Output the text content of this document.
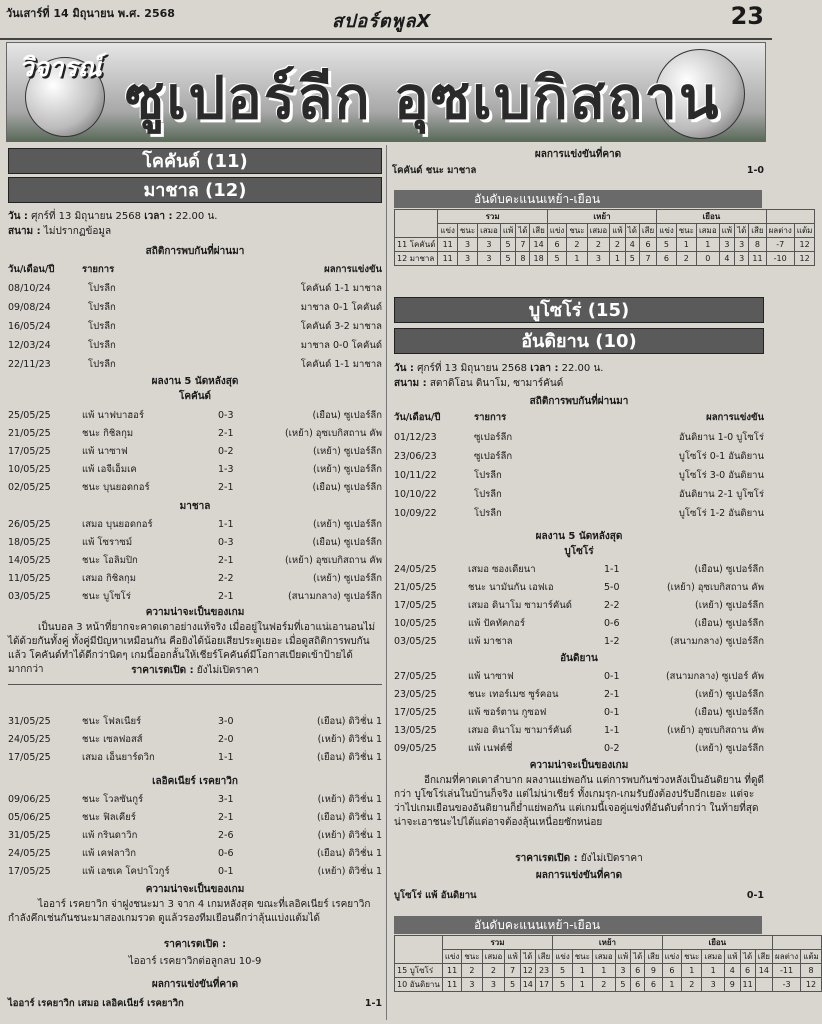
วันเสาร์ที่ 14 มิถุนายน พ.ศ. 2568	สปอร์ตพูลX	23
วิจารณ์ ซูเปอร์ลีก อุซเบกิสถาน
โคคันด์ (11)
มาชาล (12)
วัน : ศุกร์ที่ 13 มิถุนายน 2568 เวลา : 22.00 น.
สนาม : ไม่ปรากฏข้อมูล
สถิติการพบกันที่ผ่านมา
วัน/เดือน/ปี	รายการ	ผลการแข่งขัน
08/10/24	โปรลีก	โคคันด์ 1-1 มาชาล
09/08/24	โปรลีก	มาชาล 0-1 โคคันด์
16/05/24	โปรลีก	โคคันด์ 3-2 มาชาล
12/03/24	โปรลีก	มาชาล 0-0 โคคันด์
22/11/23	โปรลีก	โคคันด์ 1-1 มาชาล
ผลงาน 5 นัดหลังสุด
โคคันด์
25/05/25	แพ้ นาฟบาฮอร์	0-3	(เยือน) ซูเปอร์ลีก
21/05/25	ชนะ กิชิลกุม	2-1	(เหย้า) อุซเบกิสถาน คัพ
17/05/25	แพ้ นาซาฟ	0-2	(เหย้า) ซูเปอร์ลีก
10/05/25	แพ้ เอจีเอ็มเค	1-3	(เหย้า) ซูเปอร์ลีก
02/05/25	ชนะ บุนยอดกอร์	2-1	(เยือน) ซูเปอร์ลีก
มาชาล
26/05/25	เสมอ บุนยอดกอร์	1-1	(เหย้า) ซูเปอร์ลีก
18/05/25	แพ้ โซราซม์	0-3	(เยือน) ซูเปอร์ลีก
14/05/25	ชนะ โอลิมปิก	2-1	(เหย้า) อุซเบกิสถาน คัพ
11/05/25	เสมอ กิชิลกุม	2-2	(เหย้า) ซูเปอร์ลีก
03/05/25	ชนะ บูโซโร่	2-1	(สนามกลาง) ซูเปอร์ลีก
ความน่าจะเป็นของเกม
เป็นบอล 3 หน้าที่ยากจะคาดเดาอย่างแท้จริง เมื่ออยู่ในฟอร์มที่เอาแน่เอานอนไม่ได้ด้วยกันทั้งคู่ ทั้งคู่มีปัญหาเหมือนกัน คือยิงได้น้อยเสียประตูเยอะ เมื่อดูสถิติการพบกันแล้ว โคคันด์ทำได้ดีกว่านิดๆ เกมนี้ออกลั้นให้เชียร์โคคันด์มีโอกาสเบียดเข้าป้ายได้มากกว่า	ราคาเรตเปิด : ยังไม่เปิดราคา
31/05/25	ชนะ โฟลเนียร์	3-0	(เยือน) ดิวิชั่น 1
24/05/25	ชนะ เซลฟอสส์	2-0	(เหย้า) ดิวิชั่น 1
17/05/25	เสมอ เอ็นยาร์ดวิก	1-1	(เยือน) ดิวิชั่น 1
เลอิคเนียร์ เรคยาวิก
09/06/25	ชนะ โวลซันกูร์	3-1	(เหย้า) ดิวิชั่น 1
05/06/25	ชนะ ฟิลเคียร์	2-1	(เยือน) ดิวิชั่น 1
31/05/25	แพ้ กรินดาวิก	2-6	(เหย้า) ดิวิชั่น 1
24/05/25	แพ้ เคฟลาวิก	0-6	(เยือน) ดิวิชั่น 1
17/05/25	แพ้ เอชเค โคปาโวกูร์	0-1	(เหย้า) ดิวิชั่น 1
ความน่าจะเป็นของเกม
ไออาร์ เรคยาวิก จ่าฝูงชนะมา 3 จาก 4 เกมหลังสุด ขณะที่เลอิคเนียร์ เรคยาวิกกำลังคึกเช่นกันชนะมาสองเกมรวด ดูแล้วรองทีมเยือนดีกว่าลุ้นแบ่งแต้มได้
ราคาเรตเปิด :
ไออาร์ เรคยาวิกต่อลูกลบ 10-9
ผลการแข่งขันที่คาด
ไออาร์ เรคยาวิก เสมอ เลอิคเนียร์ เรคยาวิก	1-1
ผลการแข่งขันที่คาด
โคคันด์ ชนะ มาชาล	1-0
อันดับคะแนนเหย้า-เยือน
	รวม						เหย้า						เยือน							
	แข่ง	ชนะ	เสมอ	แพ้	ได้	เสีย	แข่ง	ชนะ	เสมอ	แพ้	ได้	เสีย	แข่ง	ชนะ	เสมอ	แพ้	ได้	เสีย	ผลต่าง	แต้ม
11 โคคันด์	11	3	3	5	7	14	6	2	2	2	4	6	5	1	1	3	3	8	-7	12
12 มาชาล	11	3	3	5	8	18	5	1	3	1	5	7	6	2	0	4	3	11	-10	12
บูโซโร่ (15)
อันดิยาน (10)
วัน : ศุกร์ที่ 13 มิถุนายน 2568 เวลา : 22.00 น.
สนาม : สตาดิโอน ดินาโม, ซามาร์คันด์
สถิติการพบกันที่ผ่านมา
วัน/เดือน/ปี	รายการ	ผลการแข่งขัน
01/12/23	ซูเปอร์ลีก	อันดิยาน 1-0 บูโซโร่
23/06/23	ซูเปอร์ลีก	บูโซโร่ 0-1 อันดิยาน
10/11/22	โปรลีก	บูโซโร่ 3-0 อันดิยาน
10/10/22	โปรลีก	อันดิยาน 2-1 บูโซโร่
10/09/22	โปรลีก	บูโซโร่ 1-2 อันดิยาน
ผลงาน 5 นัดหลังสุด
บูโซโร่
24/05/25	เสมอ ซองเดียนา	1-1	(เยือน) ซูเปอร์ลีก
21/05/25	ชนะ นามันกัน เอฟเอ	5-0	(เหย้า) อุซเบกิสถาน คัพ
17/05/25	เสมอ ดินาโม ซามาร์คันด์	2-2	(เหย้า) ซูเปอร์ลีก
10/05/25	แพ้ ปัคทัคกอร์	0-6	(เยือน) ซูเปอร์ลีก
03/05/25	แพ้ มาชาล	1-2	(สนามกลาง) ซูเปอร์ลีก
อันดิยาน
27/05/25	แพ้ นาซาฟ	0-1	(สนามกลาง) ซูเปอร์ คัพ
23/05/25	ชนะ เทอร์เมซ ซูร์คอน	2-1	(เหย้า) ซูเปอร์ลีก
17/05/25	แพ้ ซอร์ตาน กูซอฟ	0-1	(เยือน) ซูเปอร์ลีก
13/05/25	เสมอ ดินาโม ซามาร์คันด์	1-1	(เหย้า) อุซเบกิสถาน คัพ
09/05/25	แพ้ เนฟต์ชี่	0-2	(เหย้า) ซูเปอร์ลีก
ความน่าจะเป็นของเกม
อีกเกมที่คาดเดาลำบาก ผลงานแย่พอกัน แต่การพบกันช่วงหลังเป็นอันดิยาน ที่ดูดีกว่า บูโซโร่เล่นในบ้านก็จริง แต่ไม่น่าเชียร์ ทั้งเกมรุก-เกมรับยังต้องปรับอีกเยอะ แต่จะว่าไปเกมเยือนของอันดิยานก็ย่ำแย่พอกัน แต่เกมนี้เจอคู่แข่งที่อันดับต่ำกว่า ในท้ายที่สุดน่าจะเอาชนะไปได้แต่อาจต้องลุ้นเหนื่อยซักหน่อย
ราคาเรตเปิด : ยังไม่เปิดราคา
ผลการแข่งขันที่คาด
บูโซโร่ แพ้ อันดิยาน	0-1
อันดับคะแนนเหย้า-เยือน
	รวม						เหย้า						เยือน							
	แข่ง	ชนะ	เสมอ	แพ้	ได้	เสีย	แข่ง	ชนะ	เสมอ	แพ้	ได้	เสีย	แข่ง	ชนะ	เสมอ	แพ้	ได้	เสีย	ผลต่าง	แต้ม
15 บูโซโร่	11	2	2	7	12	23	5	1	1	3	6	9	6	1	1	4	6	14	-11	8
10 อันดิยาน	11	3	3	5	14	17	5	1	2	5	6	6	1	2	3	9	11		-3	12
